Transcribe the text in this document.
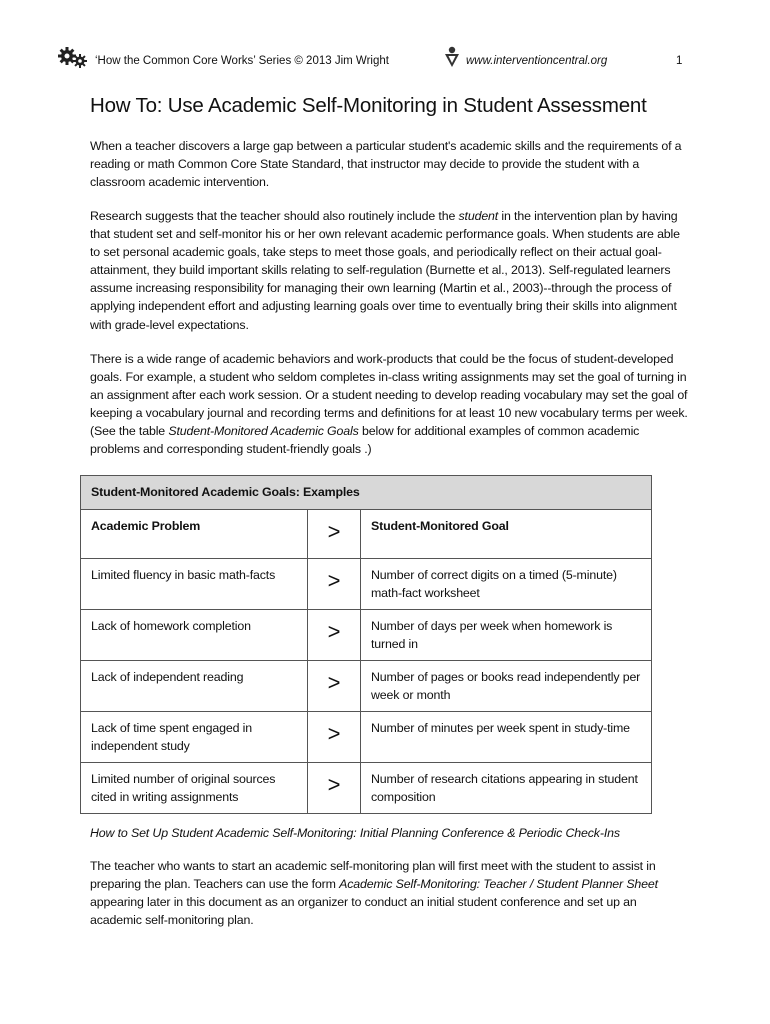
‘How the Common Core Works’ Series © 2013 Jim Wright	www.interventioncentral.org	1
How To: Use Academic Self-Monitoring in Student Assessment

When a teacher discovers a large gap between a particular student's academic skills and the requirements of a reading or math Common Core State Standard, that instructor may decide to provide the student with a classroom academic intervention.

Research suggests that the teacher should also routinely include the student in the intervention plan by having that student set and self-monitor his or her own relevant academic performance goals. When students are able to set personal academic goals, take steps to meet those goals, and periodically reflect on their actual goal-attainment, they build important skills relating to self-regulation (Burnette et al., 2013). Self-regulated learners assume increasing responsibility for managing their own learning (Martin et al., 2003)--through the process of applying independent effort and adjusting learning goals over time to eventually bring their skills into alignment with grade-level expectations.

There is a wide range of academic behaviors and work-products that could be the focus of student-developed goals. For example, a student who seldom completes in-class writing assignments may set the goal of turning in an assignment after each work session. Or a student needing to develop reading vocabulary may set the goal of keeping a vocabulary journal and recording terms and definitions for at least 10 new vocabulary terms per week. (See the table Student-Monitored Academic Goals below for additional examples of common academic problems and corresponding student-friendly goals .)

Student-Monitored Academic Goals: Examples		
Academic Problem	>	Student-Monitored Goal
Limited fluency in basic math-facts	>	Number of correct digits on a timed (5-minute) math-fact worksheet
Lack of homework completion	>	Number of days per week when homework is turned in
Lack of independent reading	>	Number of pages or books read independently per week or month
Lack of time spent engaged in independent study	>	Number of minutes per week spent in study-time
Limited number of original sources cited in writing assignments	>	Number of research citations appearing in student composition

How to Set Up Student Academic Self-Monitoring: Initial Planning Conference & Periodic Check-Ins

The teacher who wants to start an academic self-monitoring plan will first meet with the student to assist in preparing the plan. Teachers can use the form Academic Self-Monitoring: Teacher / Student Planner Sheet appearing later in this document as an organizer to conduct an initial student conference and set up an academic self-monitoring plan.
